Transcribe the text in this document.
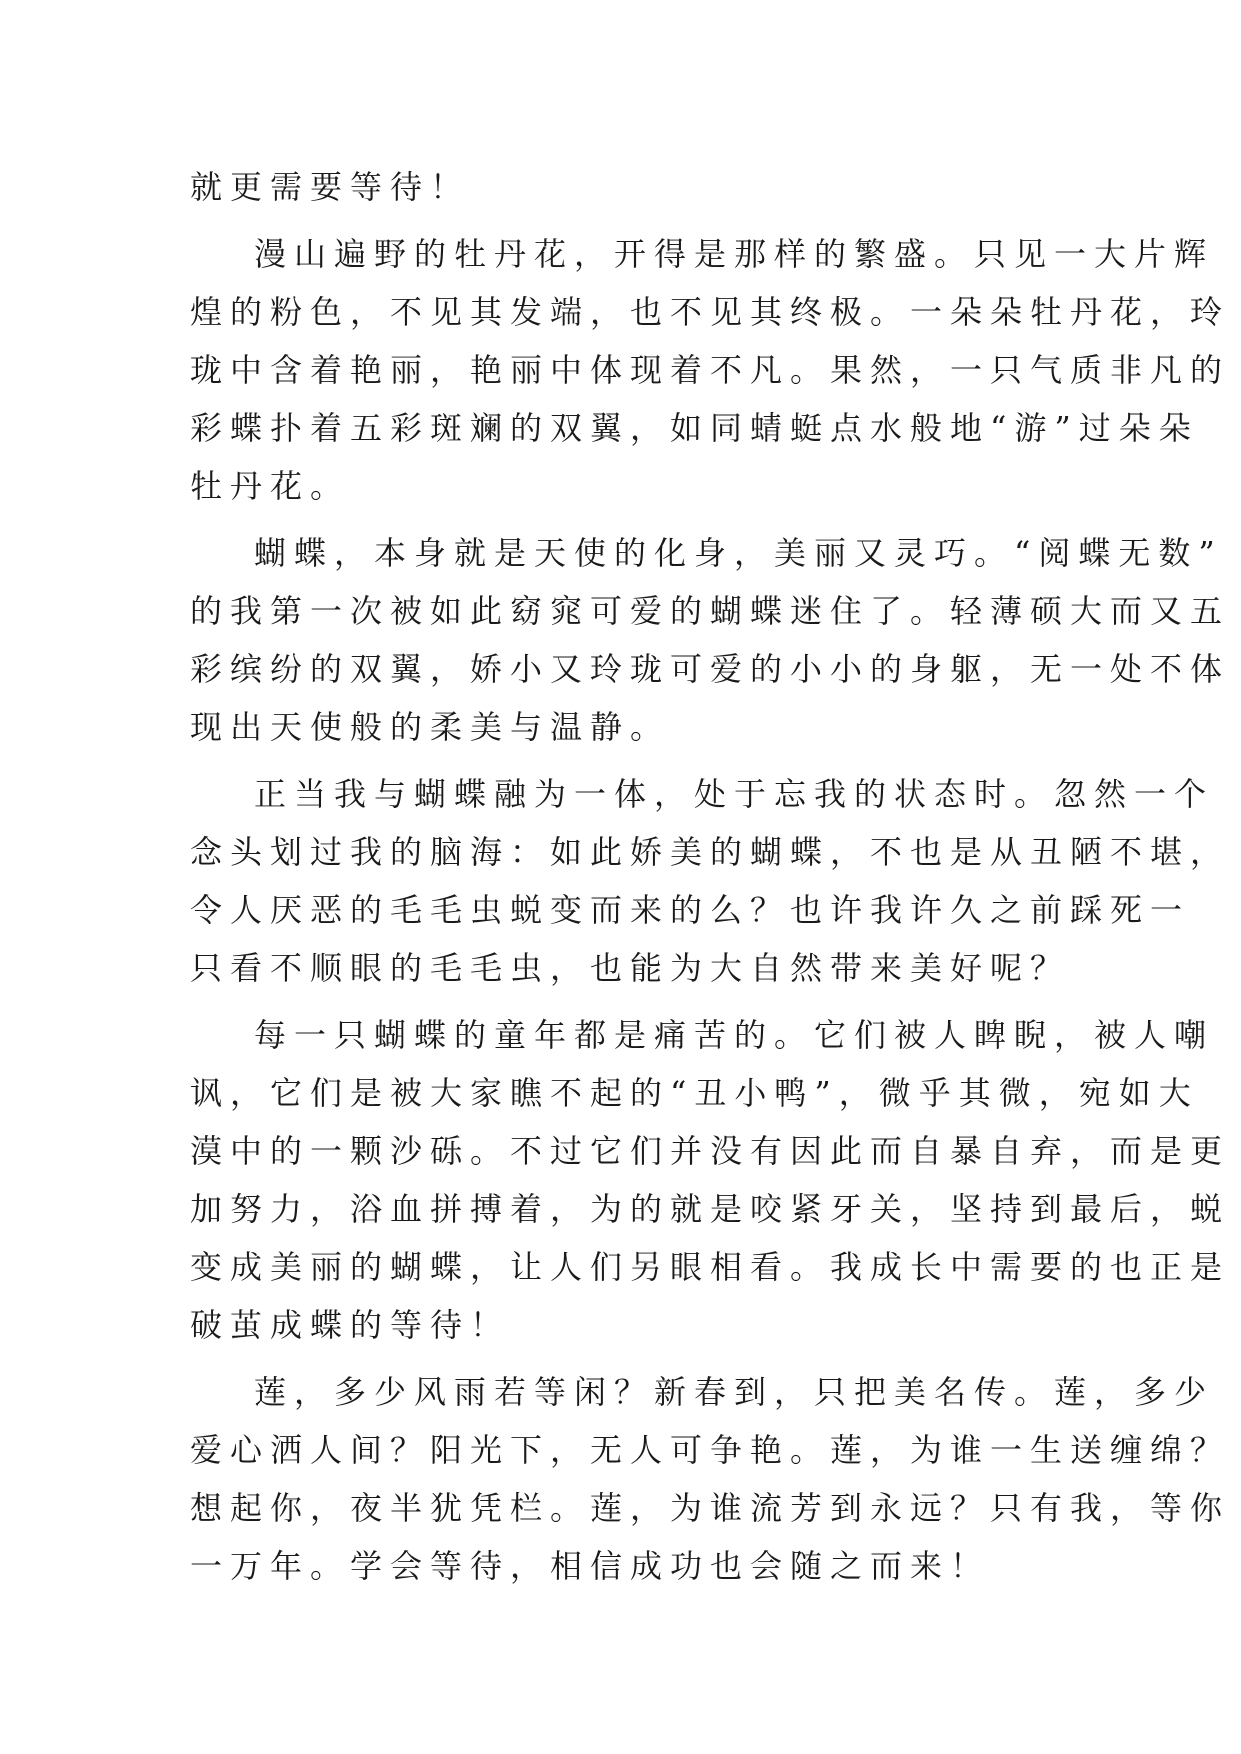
就更需要等待！
漫山遍野的牡丹花，开得是那样的繁盛。只见一大片辉
煌的粉色，不见其发端，也不见其终极。一朵朵牡丹花，玲
珑中含着艳丽，艳丽中体现着不凡。果然，一只气质非凡的
彩蝶扑着五彩斑斓的双翼，如同蜻蜓点水般地“游”过朵朵
牡丹花。
蝴蝶，本身就是天使的化身，美丽又灵巧。“阅蝶无数”
的我第一次被如此窈窕可爱的蝴蝶迷住了。轻薄硕大而又五
彩缤纷的双翼，娇小又玲珑可爱的小小的身躯，无一处不体
现出天使般的柔美与温静。
正当我与蝴蝶融为一体，处于忘我的状态时。忽然一个
念头划过我的脑海：如此娇美的蝴蝶，不也是从丑陋不堪，
令人厌恶的毛毛虫蜕变而来的么？也许我许久之前踩死一
只看不顺眼的毛毛虫，也能为大自然带来美好呢？
每一只蝴蝶的童年都是痛苦的。它们被人睥睨，被人嘲
讽，它们是被大家瞧不起的“丑小鸭”，微乎其微，宛如大
漠中的一颗沙砾。不过它们并没有因此而自暴自弃，而是更
加努力，浴血拼搏着，为的就是咬紧牙关，坚持到最后，蜕
变成美丽的蝴蝶，让人们另眼相看。我成长中需要的也正是
破茧成蝶的等待！
莲，多少风雨若等闲？新春到，只把美名传。莲，多少
爱心洒人间？阳光下，无人可争艳。莲，为谁一生送缠绵？
想起你，夜半犹凭栏。莲，为谁流芳到永远？只有我，等你
一万年。学会等待，相信成功也会随之而来！
